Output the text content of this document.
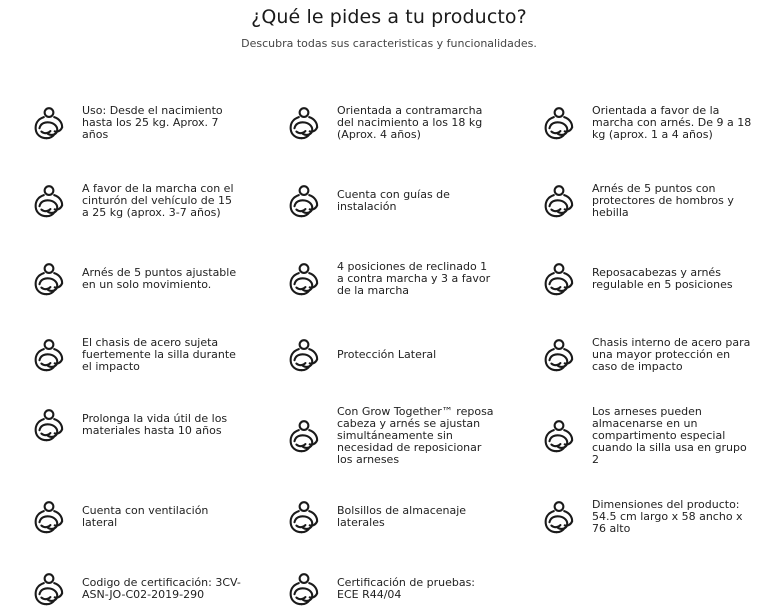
¿Qué le pides a tu producto?
Descubra todas sus caracteristicas y funcionalidades.
Uso: Desde el nacimiento hasta los 25 kg. Aprox. 7 años
Orientada a contramarcha del nacimiento a los 18 kg (Aprox. 4 años)
Orientada a favor de la marcha con arnés. De 9 a 18 kg (aprox. 1 a 4 años)
A favor de la marcha con el cinturón del vehículo de 15 a 25 kg (aprox. 3-7 años)
Cuenta con guías de instalación
Arnés de 5 puntos con protectores de hombros y hebilla
Arnés de 5 puntos ajustable en un solo movimiento.
4 posiciones de reclinado 1 a contra marcha y 3 a favor de la marcha
Reposacabezas y arnés regulable en 5 posiciones
El chasis de acero sujeta fuertemente la silla durante el impacto
Protección Lateral
Chasis interno de acero para una mayor protección en caso de impacto
Prolonga la vida útil de los materiales hasta 10 años
Con Grow Together™ reposa cabeza y arnés se ajustan simultáneamente sin necesidad de reposicionar los arneses
Los arneses pueden almacenarse en un compartimento especial cuando la silla usa en grupo 2
Cuenta con ventilación lateral
Bolsillos de almacenaje laterales
Dimensiones del producto: 54.5 cm largo x 58 ancho x 76 alto
Codigo de certificación: 3CV-ASN-JO-C02-2019-290
Certificación de pruebas: ECE R44/04
